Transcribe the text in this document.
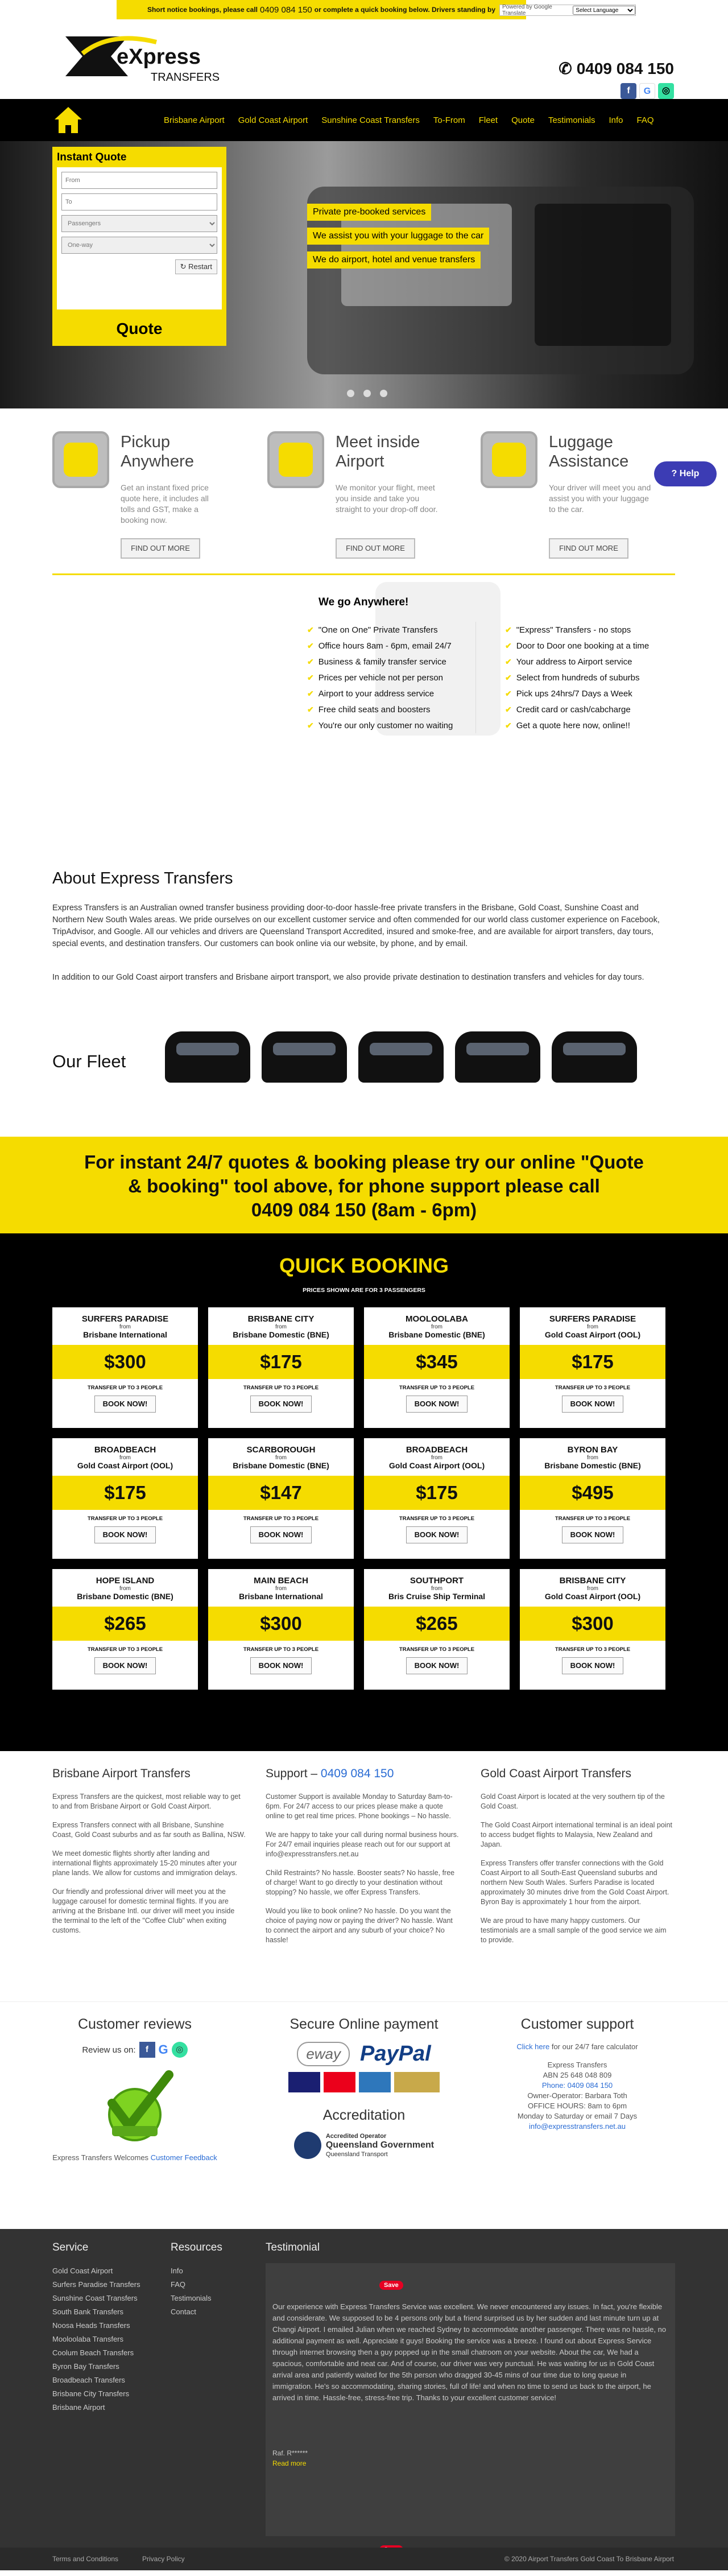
Short notice bookings, please call 0409 084 150 or complete a quick booking below. Drivers standing by Powered by Google Translate
Select Language
eXpress
TRANSFERS	✆ 0409 084 150
f	G	◎
Brisbane Airport	Gold Coast Airport	Sunshine Coast Transfers	To-From	Fleet	Quote	Testimonials	Info	FAQ
Instant Quote
From
To
Passengers
One-way
↻ Restart
Quote
Private pre-booked services
We assist you with your luggage to the car
We do airport, hotel and venue transfers
Pickup
Anywhere

Get an instant fixed price quote here, it includes all tolls and GST, make a booking now.

FIND OUT MORE
Meet inside
Airport

We monitor your flight, meet you inside and take you straight to your drop-off door.

FIND OUT MORE
Luggage
Assistance

Your driver will meet you and assist you with your luggage to the car.

FIND OUT MORE
? Help
We go Anywhere!
✔ "One on One" Private Transfers
✔ Office hours 8am - 6pm, email 24/7
✔ Business & family transfer service
✔ Prices per vehicle not per person
✔ Airport to your address service
✔ Free child seats and boosters
✔ You're our only customer no waiting
✔ "Express" Transfers - no stops
✔ Door to Door one booking at a time
✔ Your address to Airport service
✔ Select from hundreds of suburbs
✔ Pick ups 24hrs/7 Days a Week
✔ Credit card or cash/cabcharge
✔ Get a quote here now, online!!
About Express Transfers

Express Transfers is an Australian owned transfer business providing door-to-door hassle-free private transfers in the Brisbane, Gold Coast, Sunshine Coast and Northern New South Wales areas. We pride ourselves on our excellent customer service and often commended for our world class customer experience on Facebook, TripAdvisor, and Google. All our vehicles and drivers are Queensland Transport Accredited, insured and smoke-free, and are available for airport transfers, day tours, special events, and destination transfers. Our customers can book online via our website, by phone, and by email.

In addition to our Gold Coast airport transfers and Brisbane airport transport, we also provide private destination to destination transfers and vehicles for day tours.

Our Fleet
For instant 24/7 quotes & booking please try our online "Quote
& booking" tool above, for phone support please call
0409 084 150 (8am - 6pm)
QUICK BOOKING
PRICES SHOWN ARE FOR 3 PASSENGERS
SURFERS PARADISE
from
Brisbane International
$300
TRANSFER UP TO 3 PEOPLE
BOOK NOW!
BRISBANE CITY
from
Brisbane Domestic (BNE)
$175
TRANSFER UP TO 3 PEOPLE
BOOK NOW!
MOOLOOLABA
from
Brisbane Domestic (BNE)
$345
TRANSFER UP TO 3 PEOPLE
BOOK NOW!
SURFERS PARADISE
from
Gold Coast Airport (OOL)
$175
TRANSFER UP TO 3 PEOPLE
BOOK NOW!
BROADBEACH
from
Gold Coast Airport (OOL)
$175
TRANSFER UP TO 3 PEOPLE
BOOK NOW!
SCARBOROUGH
from
Brisbane Domestic (BNE)
$147
TRANSFER UP TO 3 PEOPLE
BOOK NOW!
BROADBEACH
from
Gold Coast Airport (OOL)
$175
TRANSFER UP TO 3 PEOPLE
BOOK NOW!
BYRON BAY
from
Brisbane Domestic (BNE)
$495
TRANSFER UP TO 3 PEOPLE
BOOK NOW!
HOPE ISLAND
from
Brisbane Domestic (BNE)
$265
TRANSFER UP TO 3 PEOPLE
BOOK NOW!
MAIN BEACH
from
Brisbane International
$300
TRANSFER UP TO 3 PEOPLE
BOOK NOW!
SOUTHPORT
from
Bris Cruise Ship Terminal
$265
TRANSFER UP TO 3 PEOPLE
BOOK NOW!
BRISBANE CITY
from
Gold Coast Airport (OOL)
$300
TRANSFER UP TO 3 PEOPLE
BOOK NOW!
Brisbane Airport Transfers

Express Transfers are the quickest, most reliable way to get to and from Brisbane Airport or Gold Coast Airport.

Express Transfers connect with all Brisbane, Sunshine Coast, Gold Coast suburbs and as far south as Ballina, NSW.

We meet domestic flights shortly after landing and international flights approximately 15-20 minutes after your plane lands. We allow for customs and immigration delays.

Our friendly and professional driver will meet you at the luggage carousel for domestic terminal flights. If you are arriving at the Brisbane Intl. our driver will meet you inside the terminal to the left of the "Coffee Club" when exiting customs.

Support – 0409 084 150

Customer Support is available Monday to Saturday 8am-to-6pm. For 24/7 access to our prices please make a quote online to get real time prices. Phone bookings – No hassle.

We are happy to take your call during normal business hours. For 24/7 email inquiries please reach out for our support at info@expresstransfers.net.au

Child Restraints? No hassle. Booster seats? No hassle, free of charge! Want to go directly to your destination without stopping? No hassle, we offer Express Transfers.

Would you like to book online? No hassle. Do you want the choice of paying now or paying the driver? No hassle. Want to connect the airport and any suburb of your choice? No hassle!

Gold Coast Airport Transfers

Gold Coast Airport is located at the very southern tip of the Gold Coast.

The Gold Coast Airport international terminal is an ideal point to access budget flights to Malaysia, New Zealand and Japan.

Express Transfers offer transfer connections with the Gold Coast Airport to all South-East Queensland suburbs and northern New South Wales. Surfers Paradise is located approximately 30 minutes drive from the Gold Coast Airport. Byron Bay is approximately 1 hour from the airport.

We are proud to have many happy customers. Our testimonials are a small sample of the good service we aim to provide.

Customer reviews
Review us on:	f G ◎

Express Transfers Welcomes Customer Feedback

Secure Online payment
eway PayPal
Accreditation
Accredited Operator
Queensland Government
Queensland Transport
Customer support

Click here for our 24/7 fare calculator

Express Transfers

ABN 25 648 048 809

Phone: 0409 084 150

Owner-Operator: Barbara Toth

OFFICE HOURS: 8am to 6pm

Monday to Saturday or email 7 Days

info@expresstransfers.net.au

Service
Gold Coast Airport
Surfers Paradise Transfers
Sunshine Coast Transfers
South Bank Transfers
Noosa Heads Transfers
Mooloolaba Transfers
Coolum Beach Transfers
Byron Bay Transfers
Broadbeach Transfers
Brisbane City Transfers
Brisbane Airport
Resources
Info
FAQ
Testimonials
Contact
Testimonial
Save

Our experience with Express Transfers Service was excellent. We never encountered any issues. In fact, you're flexible and considerate. We supposed to be 4 persons only but a friend surprised us by her sudden and last minute turn up at Changi Airport. I emailed Julian when we reached Sydney to accommodate another passenger. There was no hassle, no additional payment as well. Appreciate it guys! Booking the service was a breeze. I found out about Express Service through internet browsing then a guy popped up in the small chatroom on your website. About the car, We had a spacious, comfortable and neat car. And of course, our driver was very punctual. He was waiting for us in Gold Coast arrival area and patiently waited for the 5th person who dragged 30-45 mins of our time due to long queue in immigration. He's so accommodating, sharing stories, full of life! and when no time to send us back to the airport, he arrived in time. Hassle-free, stress-free trip. Thanks to your excellent customer service!

Raf. R******
Read more
Terms and Conditions	Privacy Policy	© 2020 Airport Transfers Gold Coast To Brisbane Airport
